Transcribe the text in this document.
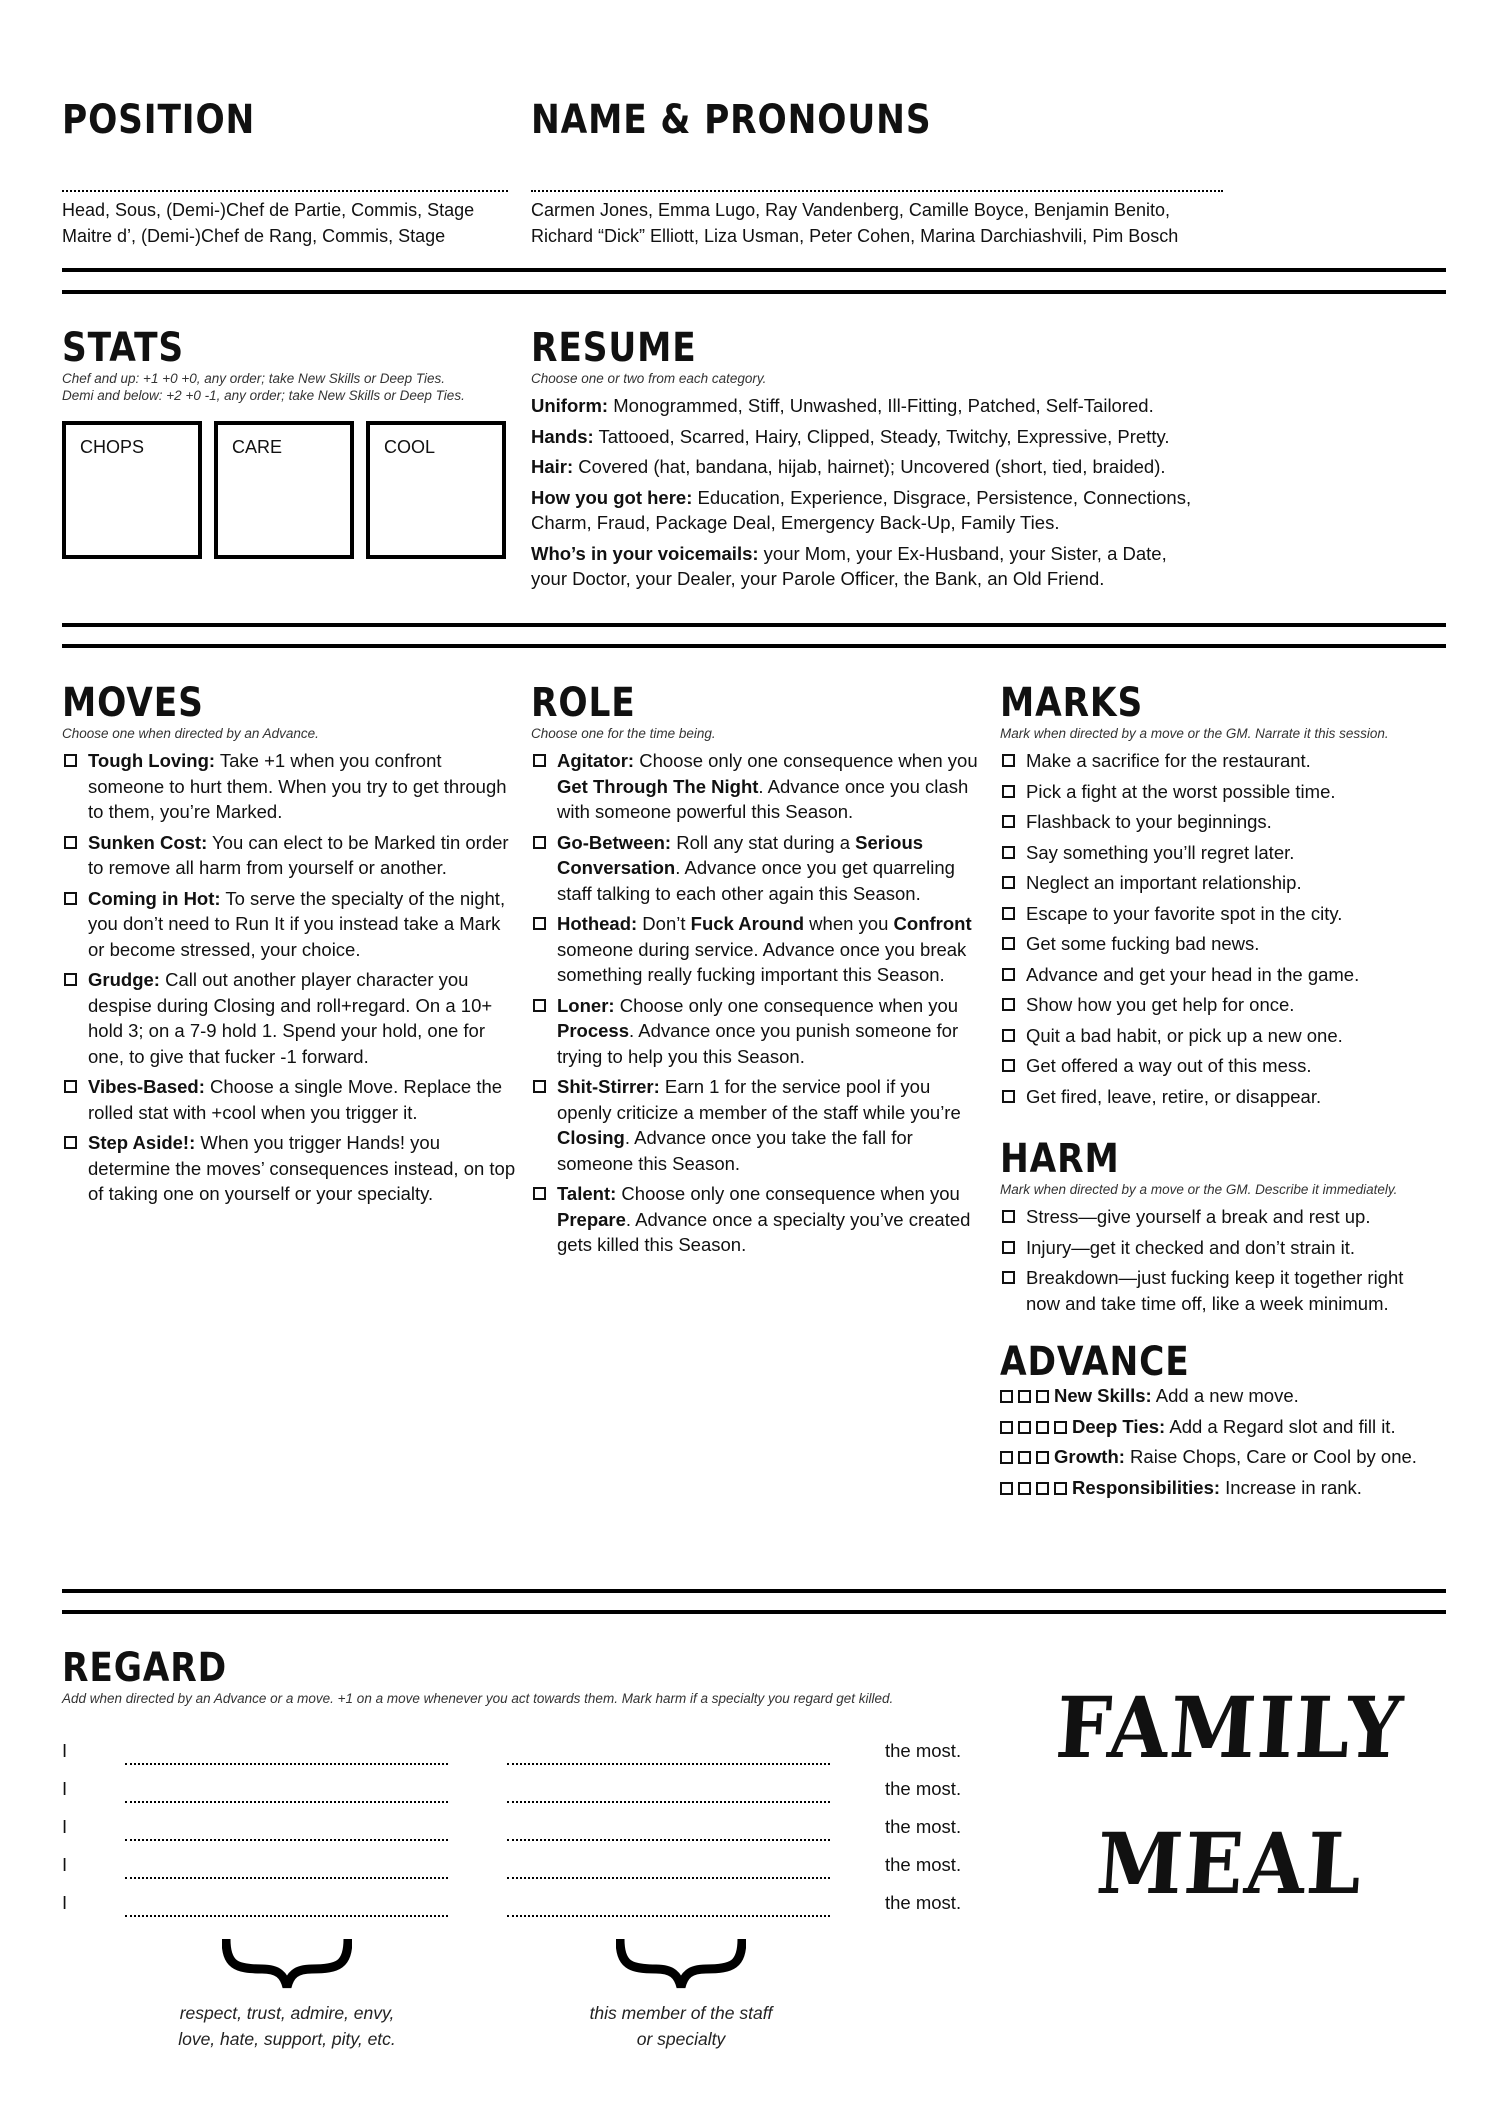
POSITION	NAME & PRONOUNS
Head, Sous, (Demi-)Chef de Partie, Commis, Stage
Maitre d’, (Demi-)Chef de Rang, Commis, Stage
Carmen Jones, Emma Lugo, Ray Vandenberg, Camille Boyce, Benjamin Benito,
Richard “Dick” Elliott, Liza Usman, Peter Cohen, Marina Darchiashvili, Pim Bosch
STATS
Chef and up: +1 +0 +0, any order; take New Skills or Deep Ties.
Demi and below: +2 +0 -1, any order; take New Skills or Deep Ties.
CHOPS	CARE	COOL
RESUME
Choose one or two from each category.
Uniform: Monogrammed, Stiff, Unwashed, Ill-Fitting, Patched, Self-Tailored.
Hands: Tattooed, Scarred, Hairy, Clipped, Steady, Twitchy, Expressive, Pretty.
Hair: Covered (hat, bandana, hijab, hairnet); Uncovered (short, tied, braided).
How you got here: Education, Experience, Disgrace, Persistence, Connections, Charm, Fraud, Package Deal, Emergency Back-Up, Family Ties.
Who’s in your voicemails: your Mom, your Ex-Husband, your Sister, a Date, your Doctor, your Dealer, your Parole Officer, the Bank, an Old Friend.
MOVES
Choose one when directed by an Advance.
Tough Loving: Take +1 when you confront someone to hurt them. When you try to get through to them, you’re Marked.
Sunken Cost: You can elect to be Marked tin order to remove all harm from yourself or another.
Coming in Hot: To serve the specialty of the night, you don’t need to Run It if you instead take a Mark or become stressed, your choice.
Grudge: Call out another player character you despise during Closing and roll+regard. On a 10+ hold 3; on a 7-9 hold 1. Spend your hold, one for one, to give that fucker -1 forward.
Vibes-Based: Choose a single Move. Replace the rolled stat with +cool when you trigger it.
Step Aside!: When you trigger Hands! you determine the moves’ consequences instead, on top of taking one on yourself or your specialty.
ROLE
Choose one for the time being.
Agitator: Choose only one consequence when you Get Through The Night. Advance once you clash with someone powerful this Season.
Go-Between: Roll any stat during a Serious Conversation. Advance once you get quarreling staff talking to each other again this Season.
Hothead: Don’t Fuck Around when you Confront someone during service. Advance once you break something really fucking important this Season.
Loner: Choose only one consequence when you Process. Advance once you punish someone for trying to help you this Season.
Shit-Stirrer: Earn 1 for the service pool if you openly criticize a member of the staff while you’re Closing. Advance once you take the fall for someone this Season.
Talent: Choose only one consequence when you Prepare. Advance once a specialty you’ve created gets killed this Season.
MARKS
Mark when directed by a move or the GM. Narrate it this session.
Make a sacrifice for the restaurant.
Pick a fight at the worst possible time.
Flashback to your beginnings.
Say something you’ll regret later.
Neglect an important relationship.
Escape to your favorite spot in the city.
Get some fucking bad news.
Advance and get your head in the game.
Show how you get help for once.
Quit a bad habit, or pick up a new one.
Get offered a way out of this mess.
Get fired, leave, retire, or disappear.
HARM
Mark when directed by a move or the GM. Describe it immediately.
Stress—give yourself a break and rest up.
Injury—get it checked and don’t strain it.
Breakdown—just fucking keep it together right now and take time off, like a week minimum.
ADVANCE
New Skills: Add a new move.
Deep Ties: Add a Regard slot and fill it.
Growth: Raise Chops, Care or Cool by one.
Responsibilities: Increase in rank.
REGARD
Add when directed by an Advance or a move. +1 on a move whenever you act towards them. Mark harm if a specialty you regard get killed.
I	the most.
I	the most.
I	the most.
I	the most.
I	the most.
respect, trust, admire, envy,
love, hate, support, pity, etc.
this member of the staff
or specialty
FAMILY
MEAL
